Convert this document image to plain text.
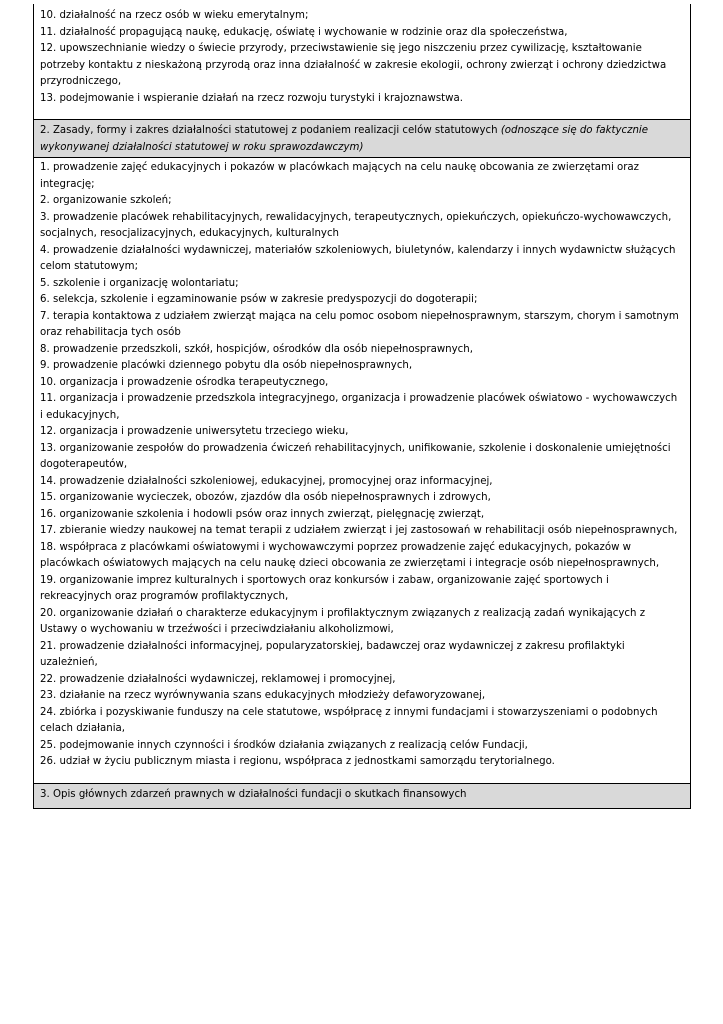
10. działalność na rzecz osób w wieku emerytalnym;

11. działalność propagującą naukę, edukację, oświatę i wychowanie w rodzinie oraz dla społeczeństwa,

12. upowszechnianie wiedzy o świecie przyrody, przeciwstawienie się jego niszczeniu przez cywilizację, kształtowanie potrzeby kontaktu z nieskażoną przyrodą oraz inna działalność w zakresie ekologii, ochrony zwierząt i ochrony dziedzictwa przyrodniczego,

13. podejmowanie i wspieranie działań na rzecz rozwoju turystyki i krajoznawstwa.

2. Zasady, formy i zakres działalności statutowej z podaniem realizacji celów statutowych (odnoszące się do faktycznie wykonywanej działalności statutowej w roku sprawozdawczym)

1. prowadzenie zajęć edukacyjnych i pokazów w placówkach mających na celu naukę obcowania ze zwierzętami oraz integrację;

2. organizowanie szkoleń;

3. prowadzenie placówek rehabilitacyjnych, rewalidacyjnych, terapeutycznych, opiekuńczych, opiekuńczo-wychowawczych, socjalnych, resocjalizacyjnych, edukacyjnych, kulturalnych

4. prowadzenie działalności wydawniczej, materiałów szkoleniowych, biuletynów, kalendarzy i innych wydawnictw służących celom statutowym;

5. szkolenie i organizację wolontariatu;

6. selekcja, szkolenie i egzaminowanie psów w zakresie predyspozycji do dogoterapii;

7. terapia kontaktowa z udziałem zwierząt mająca na celu pomoc osobom niepełnosprawnym, starszym, chorym i samotnym oraz rehabilitacja tych osób

8. prowadzenie przedszkoli, szkół, hospicjów, ośrodków dla osób niepełnosprawnych,

9. prowadzenie placówki dziennego pobytu dla osób niepełnosprawnych,

10. organizacja i prowadzenie ośrodka terapeutycznego,

11. organizacja i prowadzenie przedszkola integracyjnego, organizacja i prowadzenie placówek oświatowo - wychowawczych i edukacyjnych,

12. organizacja i prowadzenie uniwersytetu trzeciego wieku,

13. organizowanie zespołów do prowadzenia ćwiczeń rehabilitacyjnych, unifikowanie, szkolenie i doskonalenie umiejętności dogoterapeutów,

14. prowadzenie działalności szkoleniowej, edukacyjnej, promocyjnej oraz informacyjnej,

15. organizowanie wycieczek, obozów, zjazdów dla osób niepełnosprawnych i zdrowych,

16. organizowanie szkolenia i hodowli psów oraz innych zwierząt, pielęgnację zwierząt,

17. zbieranie wiedzy naukowej na temat terapii z udziałem zwierząt i jej zastosowań w rehabilitacji osób niepełnosprawnych,

18. współpraca z placówkami oświatowymi i wychowawczymi poprzez prowadzenie zajęć edukacyjnych, pokazów w placówkach oświatowych mających na celu naukę dzieci obcowania ze zwierzętami i integracje osób niepełnosprawnych,

19. organizowanie imprez kulturalnych i sportowych oraz konkursów i zabaw, organizowanie zajęć sportowych i rekreacyjnych oraz programów profilaktycznych,

20. organizowanie działań o charakterze edukacyjnym i profilaktycznym związanych z realizacją zadań wynikających z Ustawy o wychowaniu w trzeźwości i przeciwdziałaniu alkoholizmowi,

21. prowadzenie działalności informacyjnej, popularyzatorskiej, badawczej oraz wydawniczej z zakresu profilaktyki uzależnień,

22. prowadzenie działalności wydawniczej, reklamowej i promocyjnej,

23. działanie na rzecz wyrównywania szans edukacyjnych młodzieży defaworyzowanej,

24. zbiórka i pozyskiwanie funduszy na cele statutowe, współpracę z innymi fundacjami i stowarzyszeniami o podobnych celach działania,

25. podejmowanie innych czynności i środków działania związanych z realizacją celów Fundacji,

26. udział w życiu publicznym miasta i regionu, współpraca z jednostkami samorządu terytorialnego.

3. Opis głównych zdarzeń prawnych w działalności fundacji o skutkach finansowych
